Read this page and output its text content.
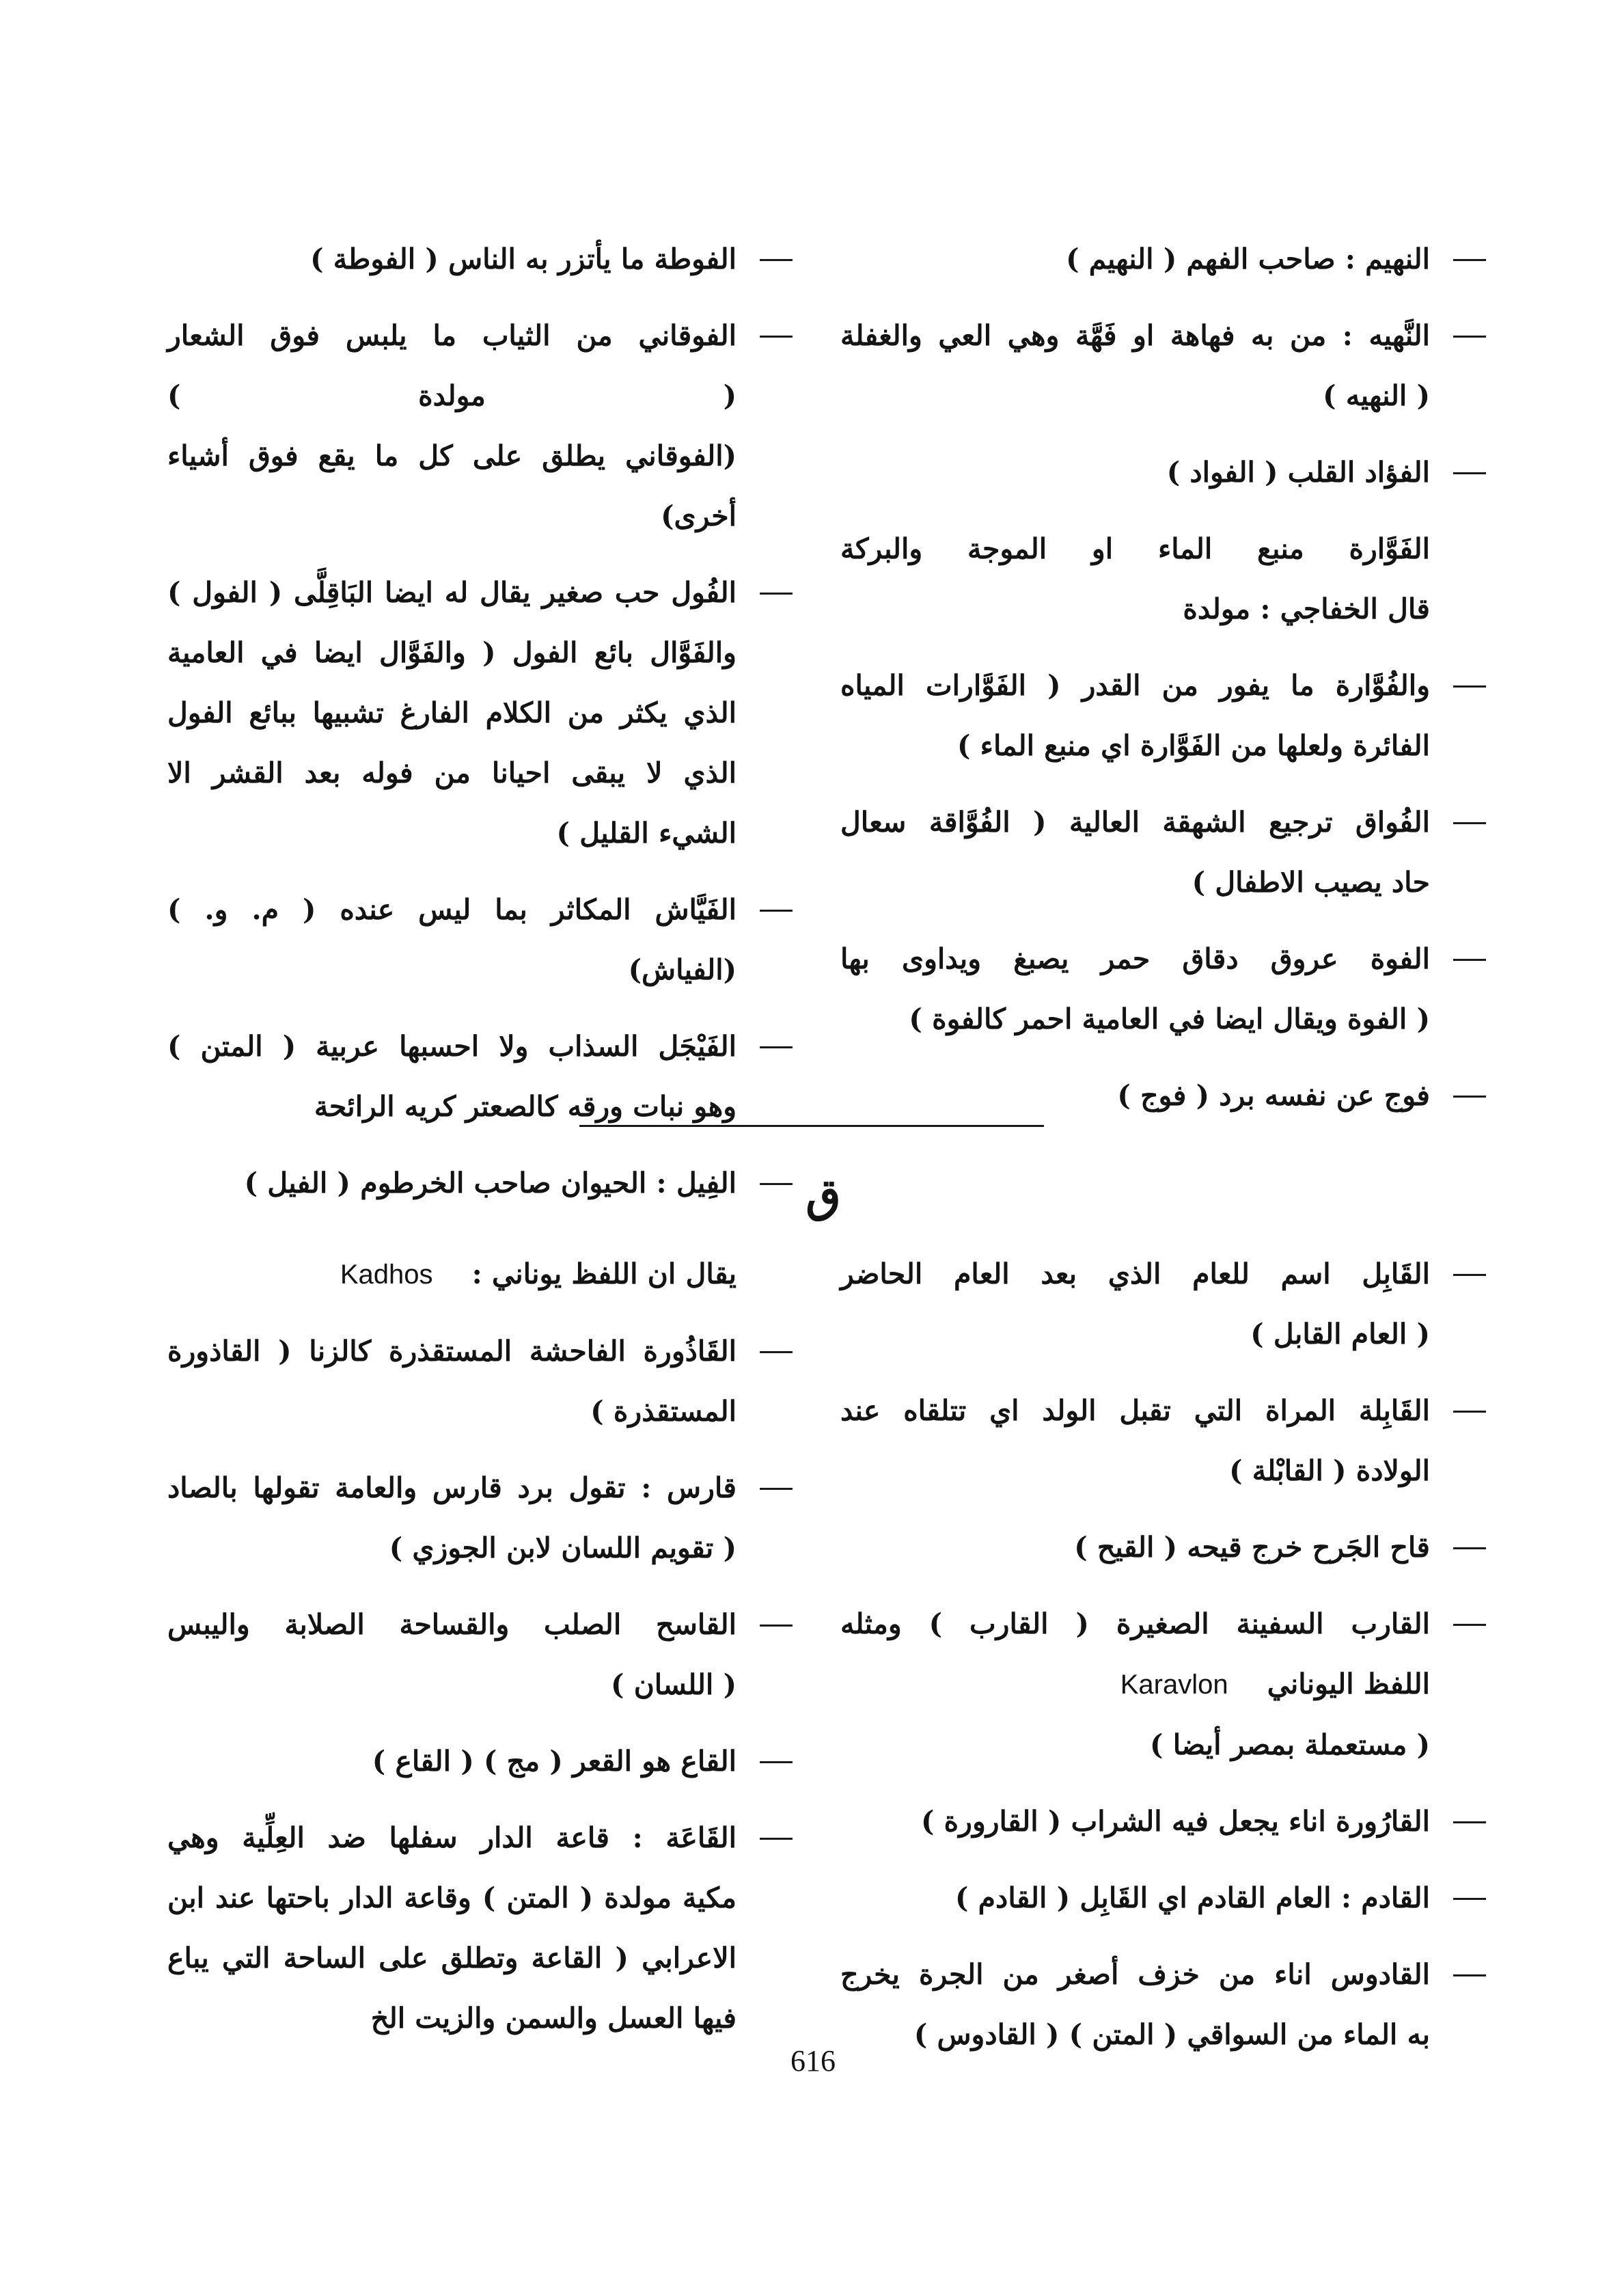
النهيم : صاحب الفهم ( النهيم )
النَّهيه : من به فهاهة او فَهَّة وهي العي والغفلة
( النهيه )
الفؤاد القلب ( الفواد )
الفَوَّارة منبع الماء او الموجة والبركة
قال الخفاجي : مولدة
والفُوَّارة ما يفور من القدر ( الفَوَّارات المياه
الفائرة ولعلها من الفَوَّارة اي منبع الماء )
الفُواق ترجيع الشهقة العالية ( الفُوَّاقة سعال
حاد يصيب الاطفال )
الفوة عروق دقاق حمر يصبغ ويداوى بها
( الفوة ويقال ايضا في العامية احمر كالفوة )
فوج عن نفسه برد ( فوج )
الفوطة ما يأتزر به الناس ( الفوطة )
الفوقاني من الثياب ما يلبس فوق الشعار
( مولدة )
(الفوقاني يطلق على كل ما يقع فوق أشياء أخرى)
الفُول حب صغير يقال له ايضا البَاقِلَّى ( الفول )
والفَوَّال بائع الفول ( والفَوَّال ايضا في العامية
الذي يكثر من الكلام الفارغ تشبيها ببائع الفول
الذي لا يبقى احيانا من فوله بعد القشر الا
الشيء القليل )
الفَيَّاش المكاثر بما ليس عنده ( م. و. ) (الفياش)
الفَيْجَل السذاب ولا احسبها عربية ( المتن )
وهو نبات ورقه كالصعتر كريه الرائحة
الفِيل : الحيوان صاحب الخرطوم ( الفيل ) ق
القَابِل اسم للعام الذي بعد العام الحاضر
( العام القابل )
القَابِلة المراة التي تقبل الولد اي تتلقاه عند
الولادة ( القابْلة )
قاح الجَرح خرج قيحه ( القيح )
القارب السفينة الصغيرة ( القارب ) ومثله
اللفظ اليوناني    Karavlon
( مستعملة بمصر أيضا )
القارُورة اناء يجعل فيه الشراب ( القارورة )
القادم : العام القادم اي القَابِل ( القادم )
القادوس اناء من خزف أصغر من الجرة يخرج
به الماء من السواقي ( المتن ) ( القادوس )
يقال ان اللفظ يوناني :    Kadhos
القَاذُورة الفاحشة المستقذرة كالزنا ( القاذورة
المستقذرة )
قارس : تقول برد قارس والعامة تقولها بالصاد
( تقويم اللسان لابن الجوزي )
القاسح الصلب والقساحة الصلابة واليبس
( اللسان )
القاع هو القعر ( مج ) ( القاع )
القَاعَة : قاعة الدار سفلها ضد العِلِّية وهي
مكية مولدة ( المتن ) وقاعة الدار باحتها عند ابن
الاعرابي ( القاعة وتطلق على الساحة التي يباع
فيها العسل والسمن والزيت الخ
616
